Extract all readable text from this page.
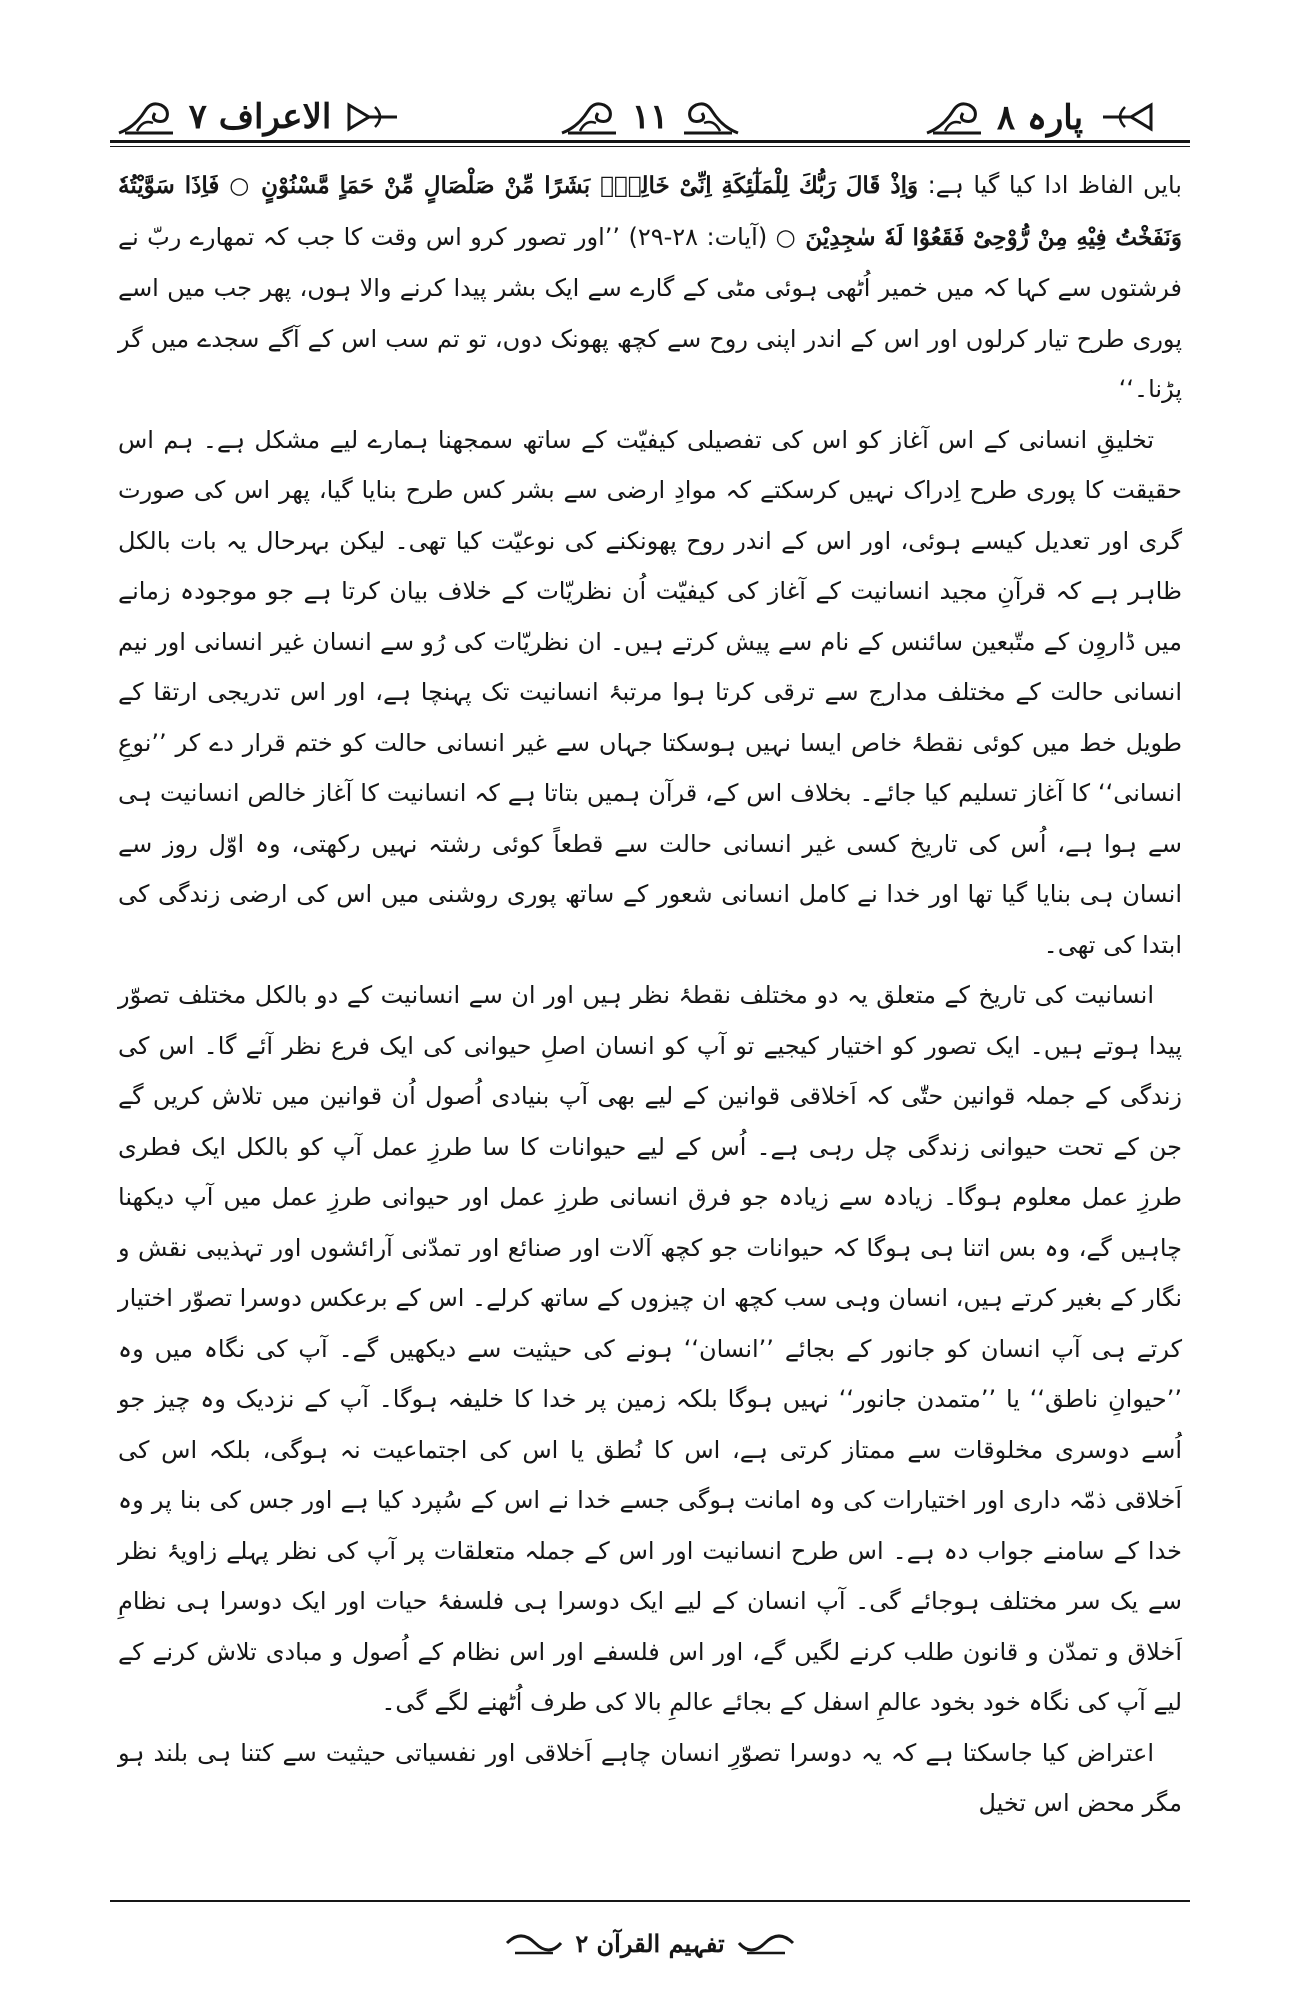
الاعراف ۷	۱۱	پارہ ۸

بایں الفاظ ادا کیا گیا ہے: وَاِذْ قَالَ رَبُّكَ لِلْمَلٰٓئِكَةِ اِنِّیْ خَالِقٌۢ بَشَرًا مِّنْ صَلْصَالٍ مِّنْ حَمَاٍ مَّسْنُوْنٍ ○ فَاِذَا سَوَّیْتُهٗ وَنَفَخْتُ فِیْهِ مِنْ رُّوْحِیْ فَقَعُوْا لَهٗ سٰجِدِیْنَ ○ (آیات: ۲۸-۲۹) ’’اور تصور کرو اس وقت کا جب کہ تمھارے ربّ نے فرشتوں سے کہا کہ میں خمیر اُٹھی ہوئی مٹی کے گارے سے ایک بشر پیدا کرنے والا ہوں، پھر جب میں اسے پوری طرح تیار کرلوں اور اس کے اندر اپنی روح سے کچھ پھونک دوں، تو تم سب اس کے آگے سجدے میں گر پڑنا۔‘‘

تخلیقِ انسانی کے اس آغاز کو اس کی تفصیلی کیفیّت کے ساتھ سمجھنا ہمارے لیے مشکل ہے۔ ہم اس حقیقت کا پوری طرح اِدراک نہیں کرسکتے کہ موادِ ارضی سے بشر کس طرح بنایا گیا، پھر اس کی صورت گری اور تعدیل کیسے ہوئی، اور اس کے اندر روح پھونکنے کی نوعیّت کیا تھی۔ لیکن بہرحال یہ بات بالکل ظاہر ہے کہ قرآنِ مجید انسانیت کے آغاز کی کیفیّت اُن نظریّات کے خلاف بیان کرتا ہے جو موجودہ زمانے میں ڈاروِن کے متّبعین سائنس کے نام سے پیش کرتے ہیں۔ ان نظریّات کی رُو سے انسان غیر انسانی اور نیم انسانی حالت کے مختلف مدارج سے ترقی کرتا ہوا مرتبۂ انسانیت تک پہنچا ہے، اور اس تدریجی ارتقا کے طویل خط میں کوئی نقطۂ خاص ایسا نہیں ہوسکتا جہاں سے غیر انسانی حالت کو ختم قرار دے کر ’’نوعِ انسانی‘‘ کا آغاز تسلیم کیا جائے۔ بخلاف اس کے، قرآن ہمیں بتاتا ہے کہ انسانیت کا آغاز خالص انسانیت ہی سے ہوا ہے، اُس کی تاریخ کسی غیر انسانی حالت سے قطعاً کوئی رشتہ نہیں رکھتی، وہ اوّل روز سے انسان ہی بنایا گیا تھا اور خدا نے کامل انسانی شعور کے ساتھ پوری روشنی میں اس کی ارضی زندگی کی ابتدا کی تھی۔

انسانیت کی تاریخ کے متعلق یہ دو مختلف نقطۂ نظر ہیں اور ان سے انسانیت کے دو بالکل مختلف تصوّر پیدا ہوتے ہیں۔ ایک تصور کو اختیار کیجیے تو آپ کو انسان اصلِ حیوانی کی ایک فرع نظر آئے گا۔ اس کی زندگی کے جملہ قوانین حتّٰی کہ اَخلاقی قوانین کے لیے بھی آپ بنیادی اُصول اُن قوانین میں تلاش کریں گے جن کے تحت حیوانی زندگی چل رہی ہے۔ اُس کے لیے حیوانات کا سا طرزِ عمل آپ کو بالکل ایک فطری طرزِ عمل معلوم ہوگا۔ زیادہ سے زیادہ جو فرق انسانی طرزِ عمل اور حیوانی طرزِ عمل میں آپ دیکھنا چاہیں گے، وہ بس اتنا ہی ہوگا کہ حیوانات جو کچھ آلات اور صنائع اور تمدّنی آرائشوں اور تہذیبی نقش و نگار کے بغیر کرتے ہیں، انسان وہی سب کچھ ان چیزوں کے ساتھ کرلے۔ اس کے برعکس دوسرا تصوّر اختیار کرتے ہی آپ انسان کو جانور کے بجائے ’’انسان‘‘ ہونے کی حیثیت سے دیکھیں گے۔ آپ کی نگاہ میں وہ ’’حیوانِ ناطق‘‘ یا ’’متمدن جانور‘‘ نہیں ہوگا بلکہ زمین پر خدا کا خلیفہ ہوگا۔ آپ کے نزدیک وہ چیز جو اُسے دوسری مخلوقات سے ممتاز کرتی ہے، اس کا نُطق یا اس کی اجتماعیت نہ ہوگی، بلکہ اس کی اَخلاقی ذمّہ داری اور اختیارات کی وہ امانت ہوگی جسے خدا نے اس کے سُپرد کیا ہے اور جس کی بنا پر وہ خدا کے سامنے جواب دہ ہے۔ اس طرح انسانیت اور اس کے جملہ متعلقات پر آپ کی نظر پہلے زاویۂ نظر سے یک سر مختلف ہوجائے گی۔ آپ انسان کے لیے ایک دوسرا ہی فلسفۂ حیات اور ایک دوسرا ہی نظامِ اَخلاق و تمدّن و قانون طلب کرنے لگیں گے، اور اس فلسفے اور اس نظام کے اُصول و مبادی تلاش کرنے کے لیے آپ کی نگاہ خود بخود عالمِ اسفل کے بجائے عالمِ بالا کی طرف اُٹھنے لگے گی۔

اعتراض کیا جاسکتا ہے کہ یہ دوسرا تصوّرِ انسان چاہے اَخلاقی اور نفسیاتی حیثیت سے کتنا ہی بلند ہو مگر محض اس تخیل

تفہیم القرآن ۲
